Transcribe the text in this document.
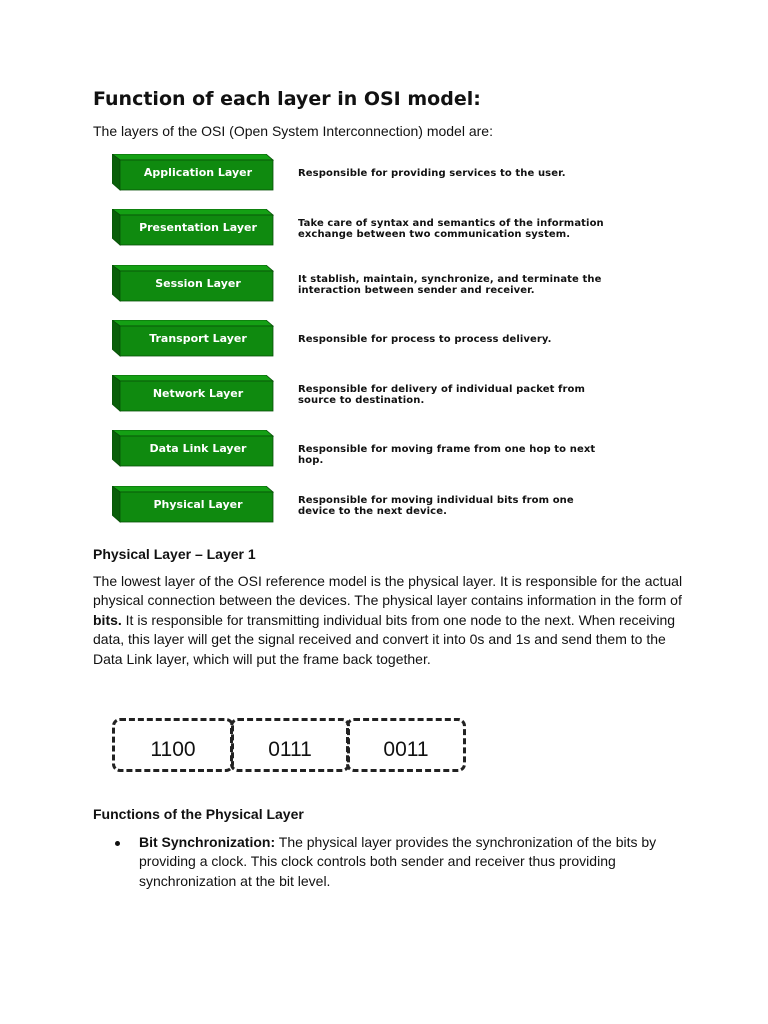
Function of each layer in OSI model:
The layers of the OSI (Open System Interconnection) model are:
Application Layer	Responsible for providing services to the user.
Presentation Layer	Take care of syntax and semantics of the information exchange between two communication system.
Session Layer	It stablish, maintain, synchronize, and terminate the interaction between sender and receiver.
Transport Layer	Responsible for process to process delivery.
Network Layer	Responsible for delivery of individual packet from source to destination.
Data Link Layer	Responsible for moving frame from one hop to next hop.
Physical Layer	Responsible for moving individual bits from one device to the next device.
Physical Layer – Layer 1
The lowest layer of the OSI reference model is the physical layer. It is responsible for the actual physical connection between the devices. The physical layer contains information in the form of bits. It is responsible for transmitting individual bits from one node to the next. When receiving data, this layer will get the signal received and convert it into 0s and 1s and send them to the Data Link layer, which will put the frame back together.
1100	0111	0011
Functions of the Physical Layer
Bit Synchronization: The physical layer provides the synchronization of the bits by providing a clock. This clock controls both sender and receiver thus providing synchronization at the bit level.
